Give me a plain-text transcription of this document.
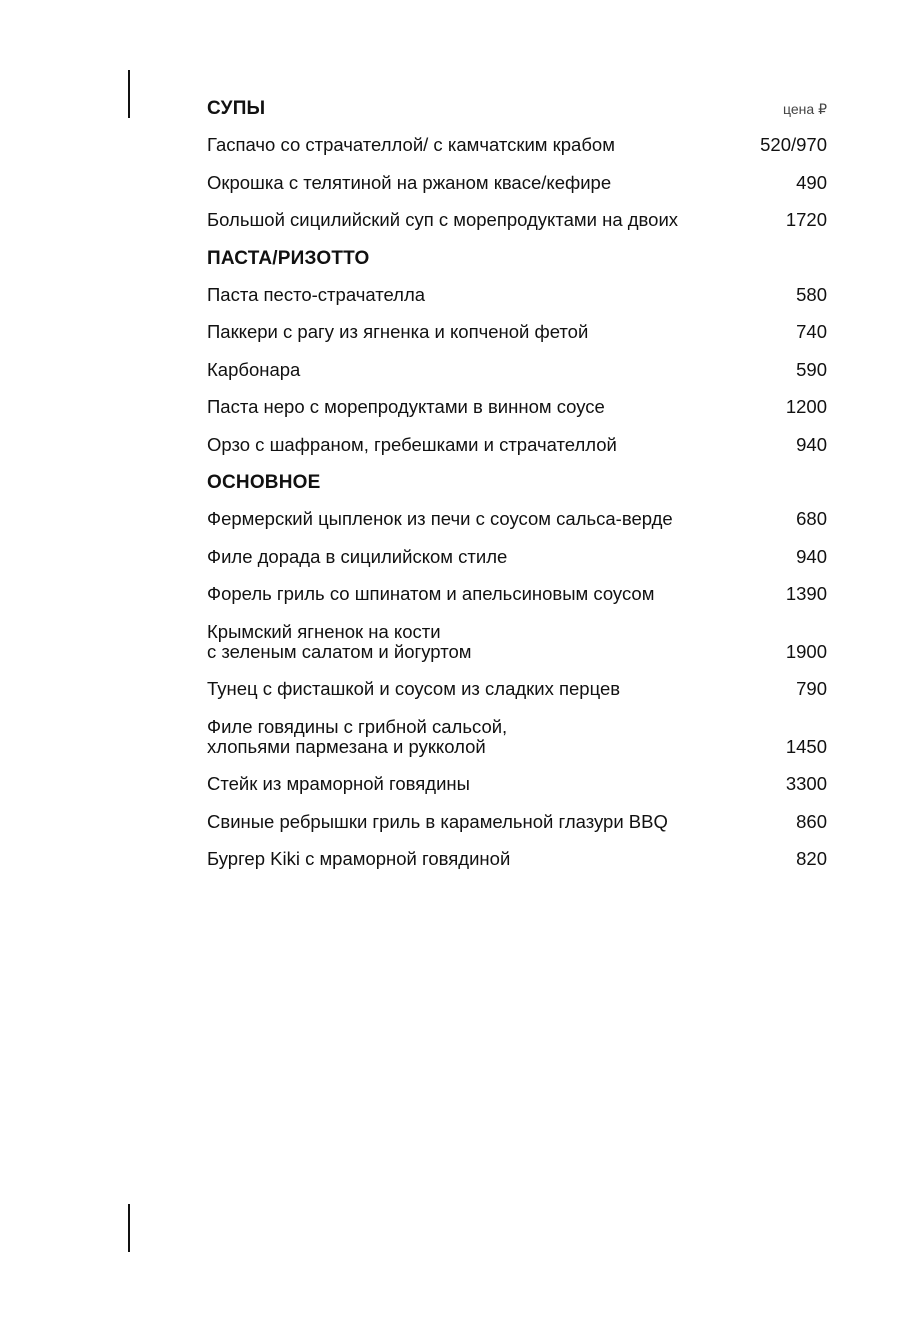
СУПЫ	цена ₽
Гаспачо со страчателлой/ с камчатским крабом	520/970
Окрошка с телятиной на ржаном квасе/кефире	490
Большой сицилийский суп с морепродуктами на двоих	1720
ПАСТА/РИЗОТТО
Паста песто-страчателла	580
Паккери с рагу из ягненка и копченой фетой	740
Карбонара	590
Паста неро с морепродуктами в винном соусе	1200
Орзо с шафраном, гребешками и страчателлой	940
ОСНОВНОЕ
Фермерский цыпленок из печи с соусом сальса-верде	680
Филе дорада в сицилийском стиле	940
Форель гриль со шпинатом и апельсиновым соусом	1390
Крымский ягненок на кости
с зеленым салатом и йогуртом	1900
Тунец с фисташкой и соусом из сладких перцев	790
Филе говядины с грибной сальсой,
хлопьями пармезана и рукколой	1450
Стейк из мраморной говядины	3300
Свиные ребрышки гриль в карамельной глазури BBQ	860
Бургер Kiki с мраморной говядиной	820
